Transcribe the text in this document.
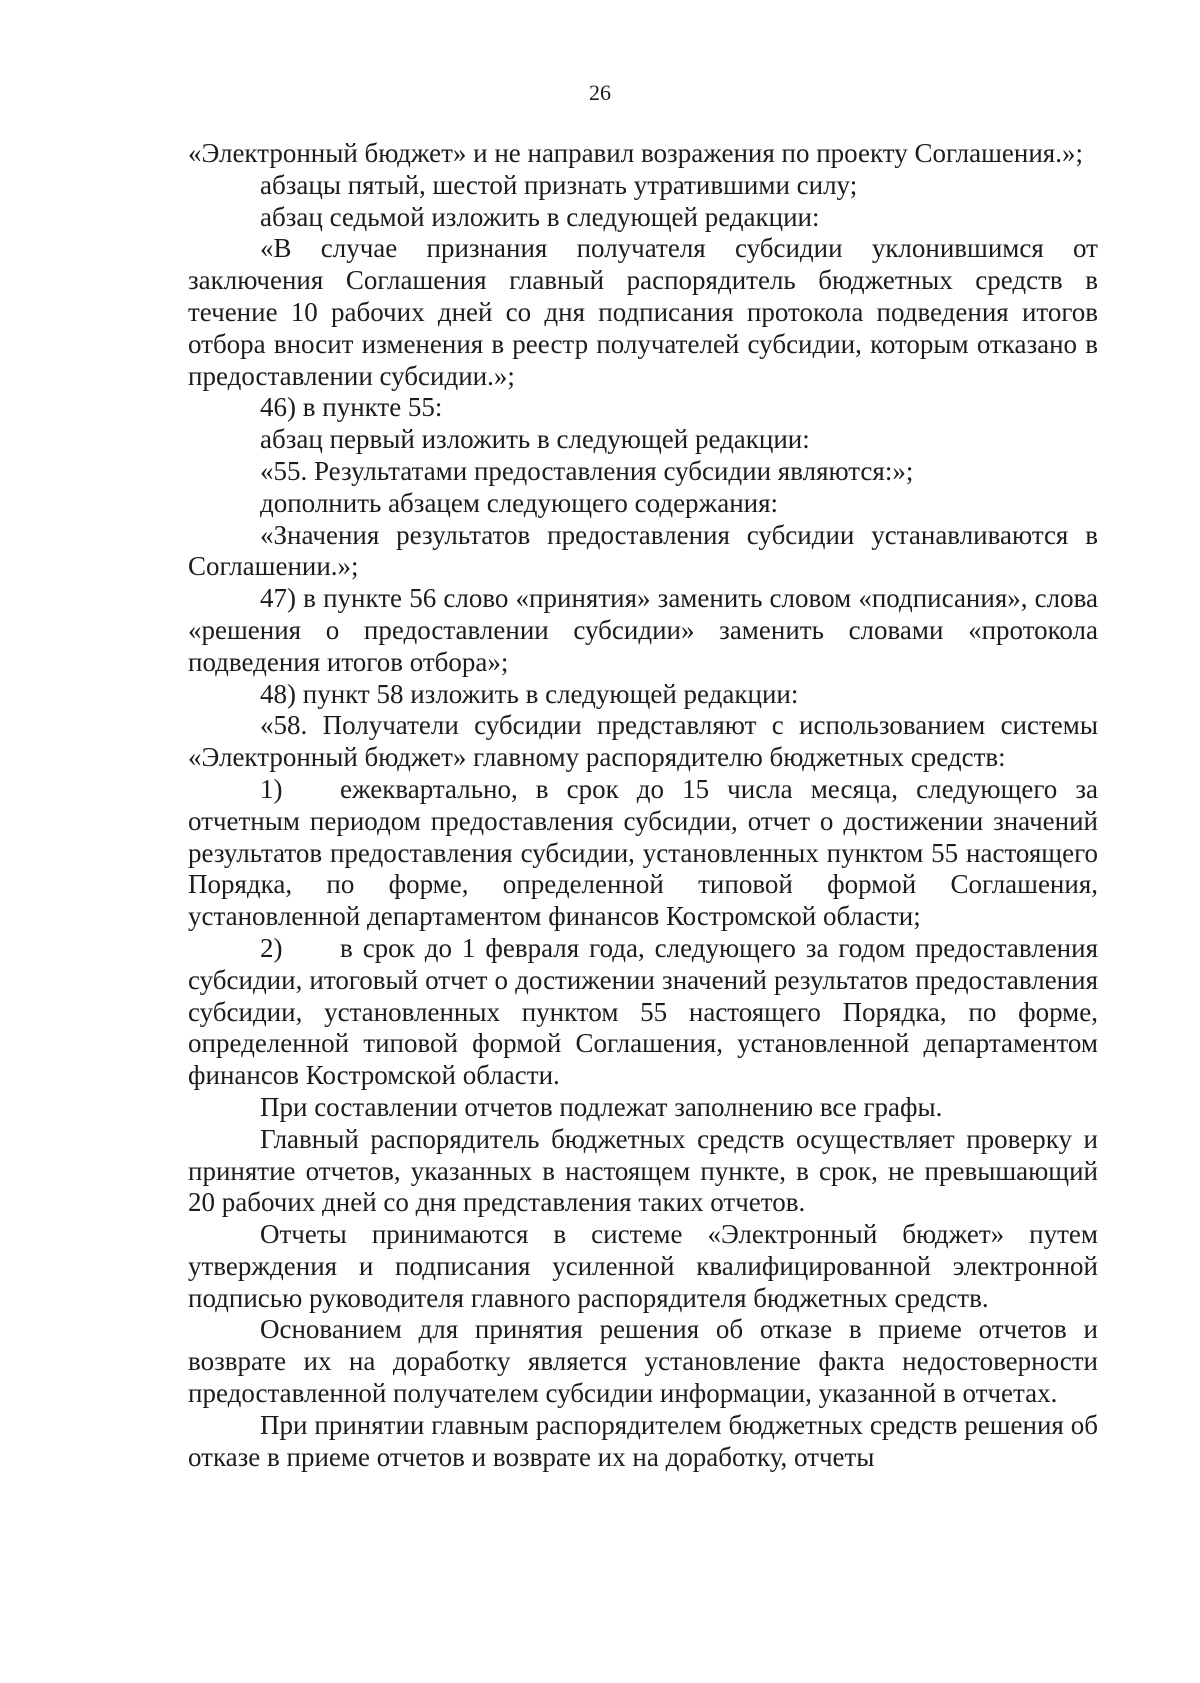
26

«Электронный бюджет» и не направил возражения по проекту Соглашения.»;

абзацы пятый, шестой признать утратившими силу;

абзац седьмой изложить в следующей редакции:

«В случае признания получателя субсидии уклонившимся от заключения Соглашения главный распорядитель бюджетных средств в течение 10 рабочих дней со дня подписания протокола подведения итогов отбора вносит изменения в реестр получателей субсидии, которым отказано в предоставлении субсидии.»;

46) в пункте 55:

абзац первый изложить в следующей редакции:

«55. Результатами предоставления субсидии являются:»;

дополнить абзацем следующего содержания:

«Значения результатов предоставления субсидии устанавливаются в Соглашении.»;

47) в пункте 56 слово «принятия» заменить словом «подписания», слова «решения о предоставлении субсидии» заменить словами «протокола подведения итогов отбора»;

48) пункт 58 изложить в следующей редакции:

«58. Получатели субсидии представляют с использованием системы «Электронный бюджет» главному распорядителю бюджетных средств:

1) ежеквартально, в срок до 15 числа месяца, следующего за отчетным периодом предоставления субсидии, отчет о достижении значений результатов предоставления субсидии, установленных пунктом 55 настоящего Порядка, по форме, определенной типовой формой Соглашения, установленной департаментом финансов Костромской области;

2) в срок до 1 февраля года, следующего за годом предоставления субсидии, итоговый отчет о достижении значений результатов предоставления субсидии, установленных пунктом 55 настоящего Порядка, по форме, определенной типовой формой Соглашения, установленной департаментом финансов Костромской области.

При составлении отчетов подлежат заполнению все графы.

Главный распорядитель бюджетных средств осуществляет проверку и принятие отчетов, указанных в настоящем пункте, в срок, не превышающий 20 рабочих дней со дня представления таких отчетов.

Отчеты принимаются в системе «Электронный бюджет» путем утверждения и подписания усиленной квалифицированной электронной подписью руководителя главного распорядителя бюджетных средств.

Основанием для принятия решения об отказе в приеме отчетов и возврате их на доработку является установление факта недостоверности предоставленной получателем субсидии информации, указанной в отчетах.

При принятии главным распорядителем бюджетных средств решения об отказе в приеме отчетов и возврате их на доработку, отчеты
